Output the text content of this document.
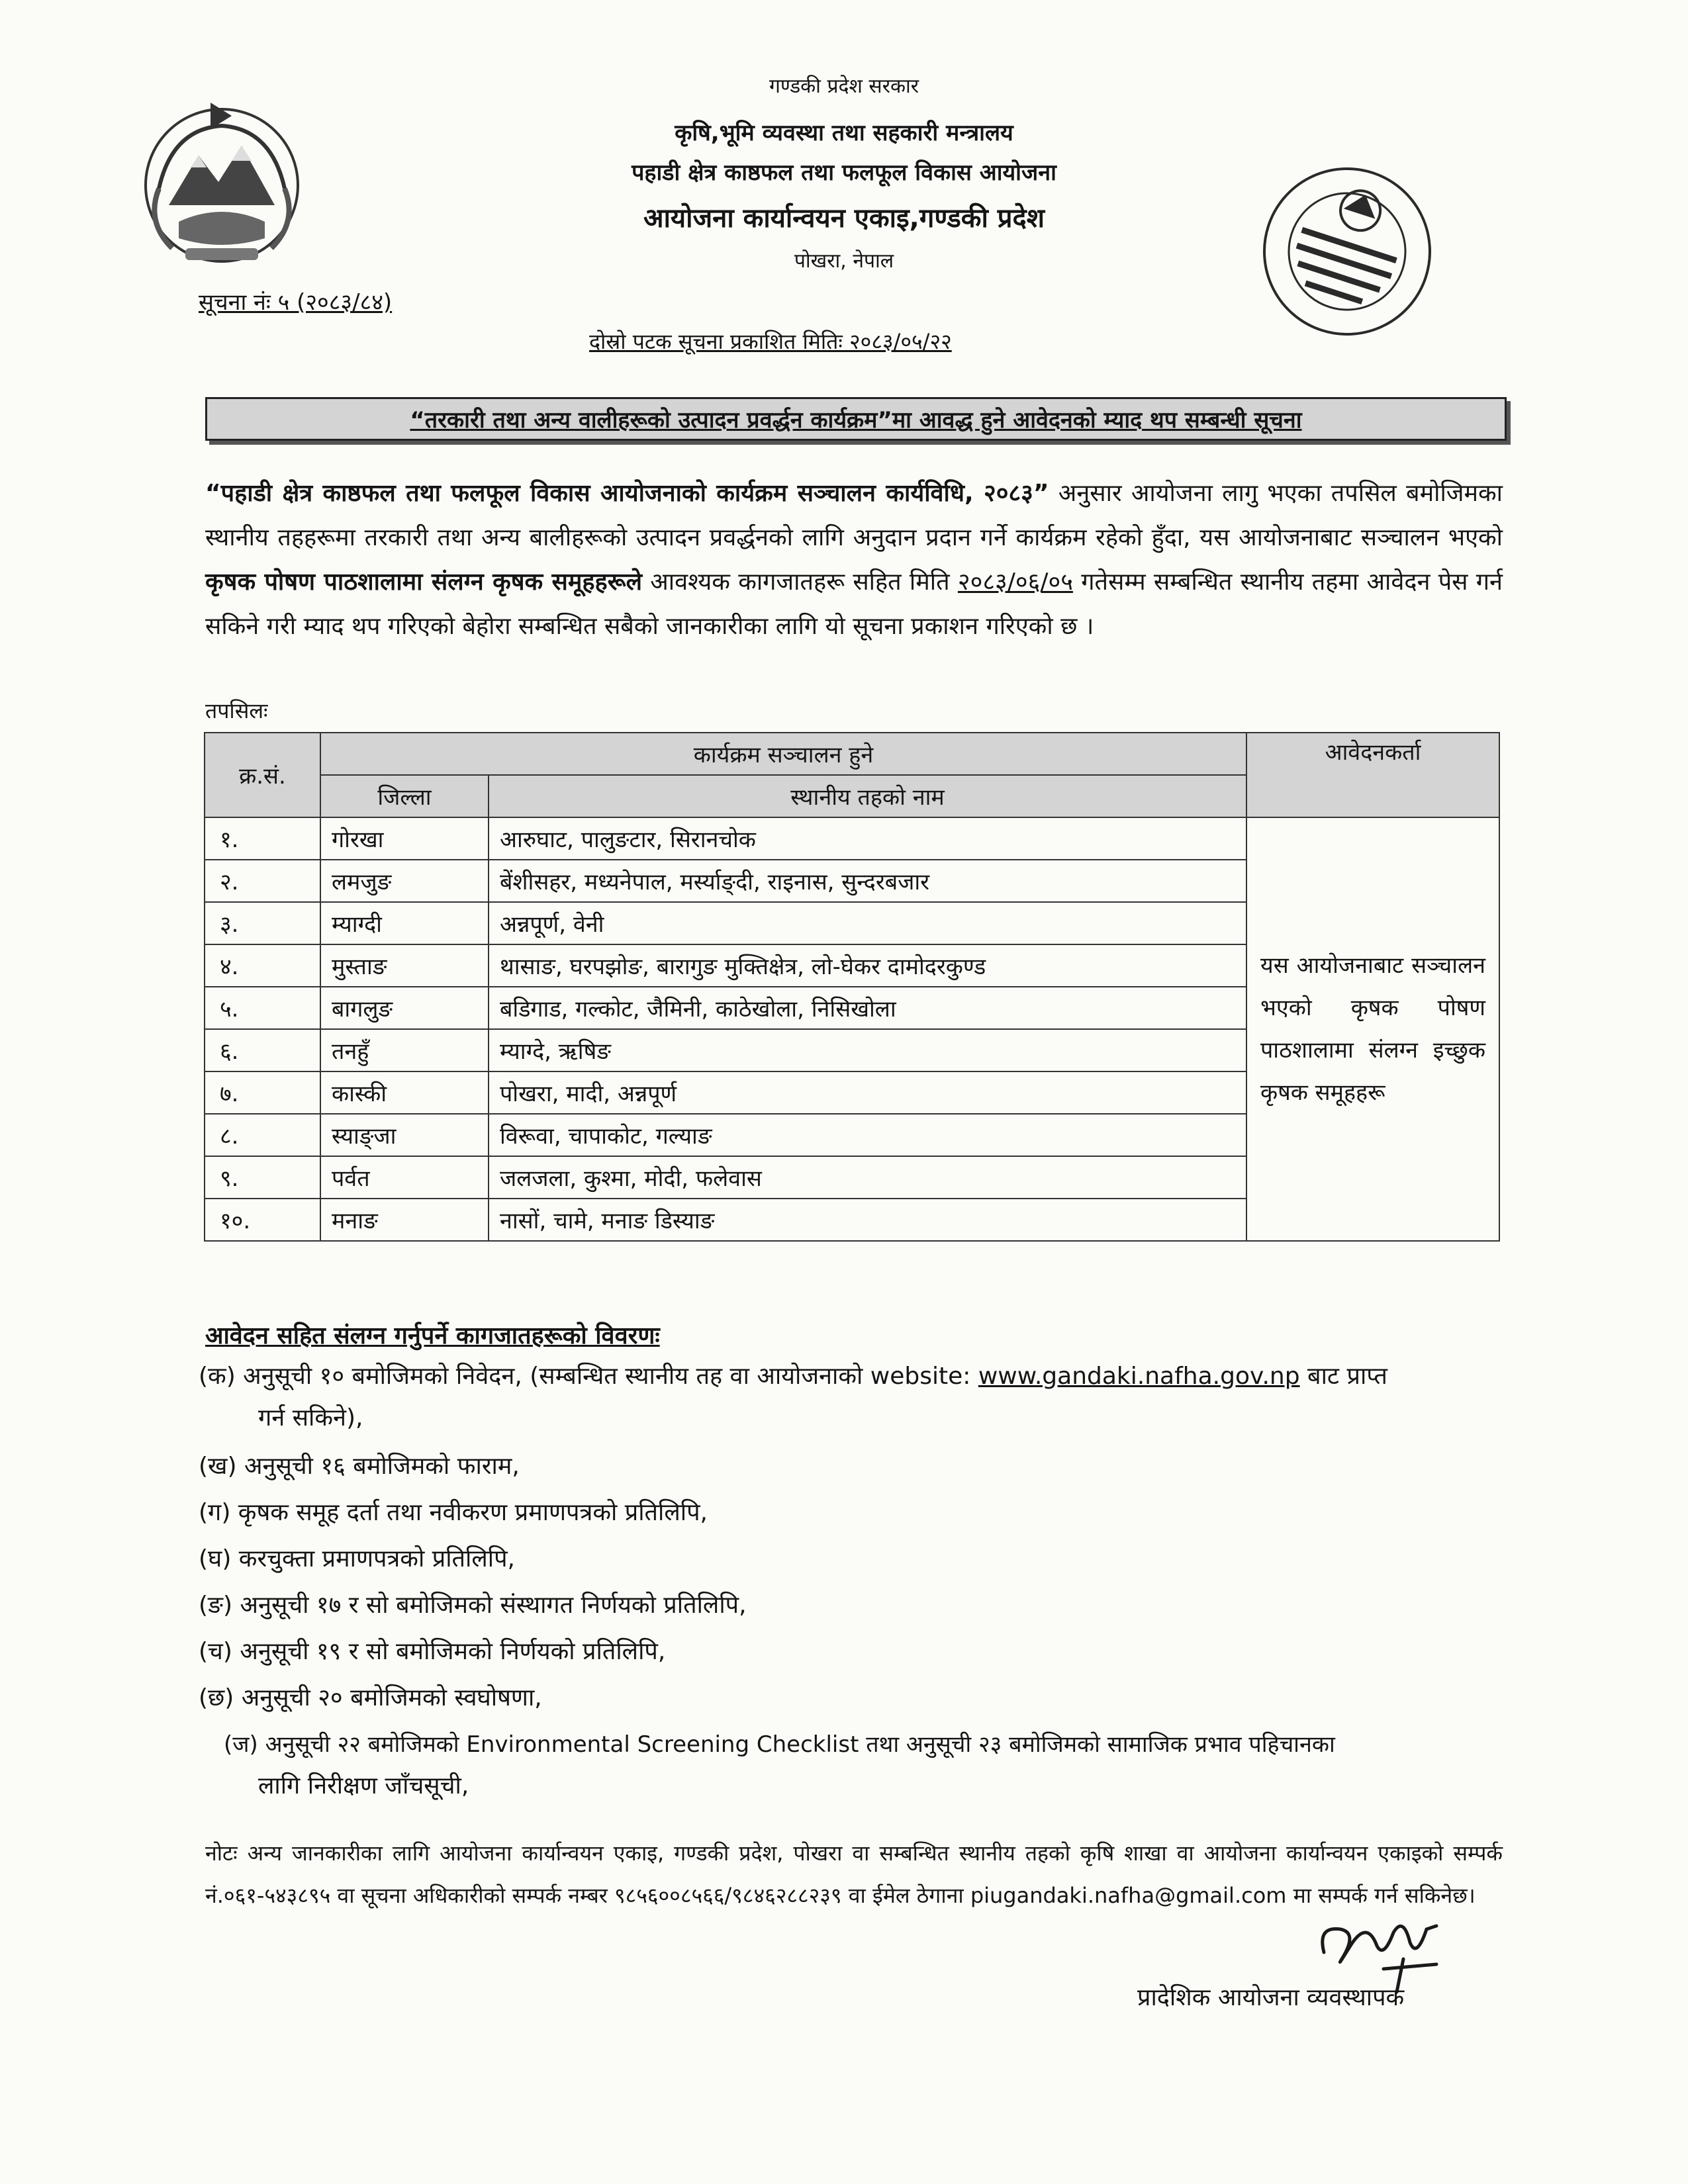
गण्डकी प्रदेश सरकार
कृषि,भूमि व्यवस्था तथा सहकारी मन्त्रालय
पहाडी क्षेत्र काष्ठफल तथा फलफूल विकास आयोजना
आयोजना कार्यान्वयन एकाइ,गण्डकी प्रदेश
पोखरा, नेपाल
सूचना नंः ५ (२०८३/८४)
दोस्रो पटक सूचना प्रकाशित मितिः २०८३/०५/२२
“तरकारी तथा अन्य वालीहरूको उत्पादन प्रवर्द्धन कार्यक्रम”मा आवद्ध हुने आवेदनको म्याद थप सम्बन्धी सूचना
“पहाडी क्षेत्र काष्ठफल तथा फलफूल विकास आयोजनाको कार्यक्रम सञ्चालन कार्यविधि, २०८३” अनुसार आयोजना लागु भएका तपसिल बमोजिमका स्थानीय तहहरूमा तरकारी तथा अन्य बालीहरूको उत्पादन प्रवर्द्धनको लागि अनुदान प्रदान गर्ने कार्यक्रम रहेको हुँदा, यस आयोजनाबाट सञ्चालन भएको कृषक पोषण पाठशालामा संलग्न कृषक समूहहरूले आवश्यक कागजातहरू सहित मिति २०८३/०६/०५ गतेसम्म सम्बन्धित स्थानीय तहमा आवेदन पेस गर्न सकिने गरी म्याद थप गरिएको बेहोरा सम्बन्धित सबैको जानकारीका लागि यो सूचना प्रकाशन गरिएको छ ।
तपसिलः
क्र.सं.	कार्यक्रम सञ्चालन हुने		आवेदनकर्ता
	जिल्ला	स्थानीय तहको नाम	
१.	गोरखा	आरुघाट, पालुङटार, सिरानचोक	यस आयोजनाबाट सञ्चालन भएको कृषक पोषण पाठशालामा संलग्न इच्छुक कृषक समूहहरू
२.	लमजुङ	बेंशीसहर, मध्यनेपाल, मर्स्याङ्दी, राइनास, सुन्दरबजार	
३.	म्याग्दी	अन्नपूर्ण, वेनी	
४.	मुस्ताङ	थासाङ, घरपझोङ, बारागुङ मुक्तिक्षेत्र, लो-घेकर दामोदरकुण्ड	
५.	बागलुङ	बडिगाड, गल्कोट, जैमिनी, काठेखोला, निसिखोला	
६.	तनहुँ	म्याग्दे, ऋषिङ	
७.	कास्की	पोखरा, मादी, अन्नपूर्ण	
८.	स्याङ्जा	विरूवा, चापाकोट, गल्याङ	
९.	पर्वत	जलजला, कुश्मा, मोदी, फलेवास	
१०.	मनाङ	नासों, चामे, मनाङ डिस्याङ	
आवेदन सहित संलग्न गर्नुपर्ने कागजातहरूको विवरणः
(क) अनुसूची १० बमोजिमको निवेदन, (सम्बन्धित स्थानीय तह वा आयोजनाको website: www.gandaki.nafha.gov.np बाट प्राप्त
गर्न सकिने),
(ख) अनुसूची १६ बमोजिमको फाराम,
(ग) कृषक समूह दर्ता तथा नवीकरण प्रमाणपत्रको प्रतिलिपि,
(घ) करचुक्ता प्रमाणपत्रको प्रतिलिपि,
(ङ) अनुसूची १७ र सो बमोजिमको संस्थागत निर्णयको प्रतिलिपि,
(च) अनुसूची १९ र सो बमोजिमको निर्णयको प्रतिलिपि,
(छ) अनुसूची २० बमोजिमको स्वघोषणा,
(ज) अनुसूची २२ बमोजिमको Environmental Screening Checklist तथा अनुसूची २३ बमोजिमको सामाजिक प्रभाव पहिचानका
लागि निरीक्षण जाँचसूची,
नोटः अन्य जानकारीका लागि आयोजना कार्यान्वयन एकाइ, गण्डकी प्रदेश, पोखरा वा सम्बन्धित स्थानीय तहको कृषि शाखा वा आयोजना कार्यान्वयन एकाइको सम्पर्क नं.०६१-५४३८९५ वा सूचना अधिकारीको सम्पर्क नम्बर ९८५६००८५६६/९८४६२८८२३९ वा ईमेल ठेगाना piugandaki.nafha@gmail.com मा सम्पर्क गर्न सकिनेछ।
प्रादेशिक आयोजना व्यवस्थापक
